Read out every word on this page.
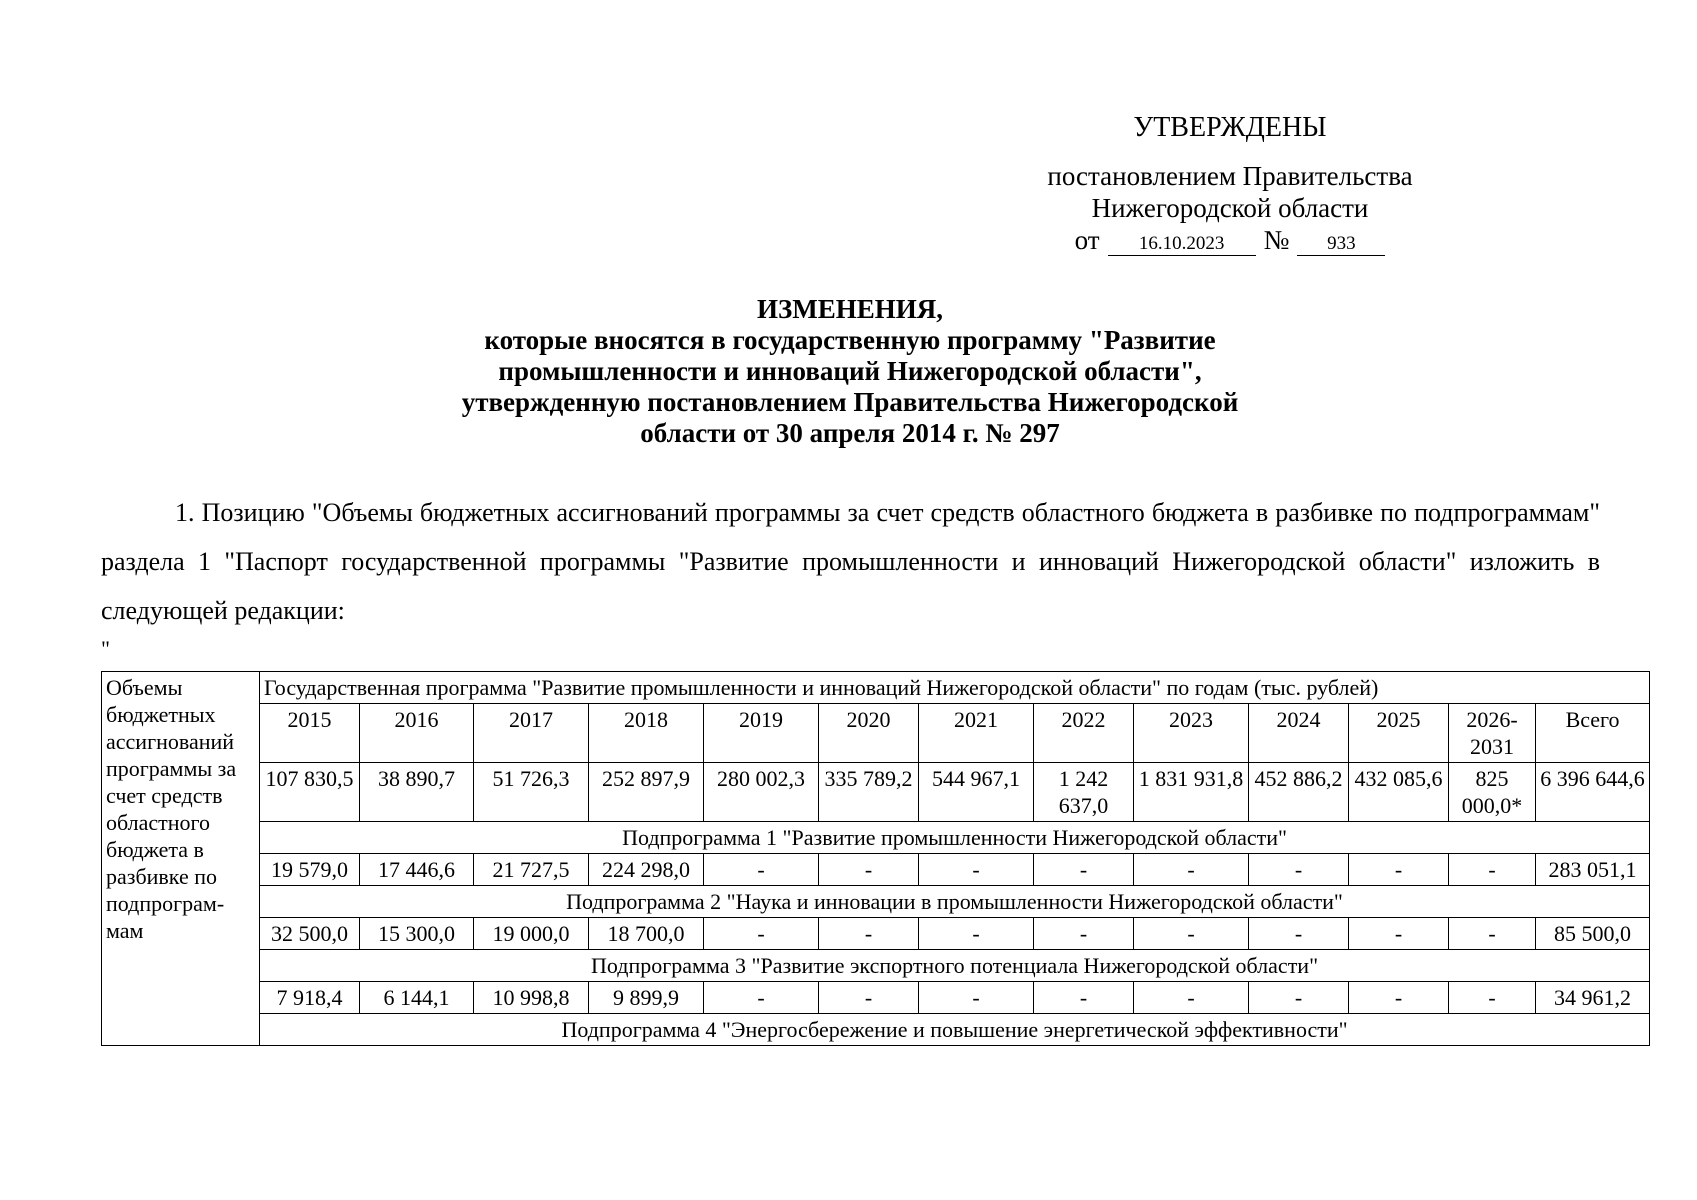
УТВЕРЖДЕНЫ
постановлением Правительства
Нижегородской области
от	16.10.2023	№	933
ИЗМЕНЕНИЯ,
которые вносятся в государственную программу "Развитие
промышленности и инноваций Нижегородской области",
утвержденную постановлением Правительства Нижегородской
области от 30 апреля 2014 г. № 297
1. Позицию "Объемы бюджетных ассигнований программы за счет средств областного бюджета в разбивке по подпрограммам" раздела 1 "Паспорт государственной программы "Развитие промышленности и инноваций Нижегородской области" изложить в следующей редакции:
"
Объемы бюджетных ассигнований программы за счет средств областного бюджета в разбивке по подпрограм-мам	Государственная программа "Развитие промышленности и инноваций Нижегородской области" по годам (тыс. рублей)												
	2015	2016	2017	2018	2019	2020	2021	2022	2023	2024	2025	2026-2031	Всего
	107 830,5	38 890,7	51 726,3	252 897,9	280 002,3	335 789,2	544 967,1	1 242 637,0	1 831 931,8	452 886,2	432 085,6	825 000,0*	6 396 644,6
	Подпрограмма 1 "Развитие промышленности Нижегородской области"												
	19 579,0	17 446,6	21 727,5	224 298,0	-	-	-	-	-	-	-	-	283 051,1
	Подпрограмма 2 "Наука и инновации в промышленности Нижегородской области"												
	32 500,0	15 300,0	19 000,0	18 700,0	-	-	-	-	-	-	-	-	85 500,0
	Подпрограмма 3 "Развитие экспортного потенциала Нижегородской области"												
	7 918,4	6 144,1	10 998,8	9 899,9	-	-	-	-	-	-	-	-	34 961,2
	Подпрограмма 4 "Энергосбережение и повышение энергетической эффективности"												
